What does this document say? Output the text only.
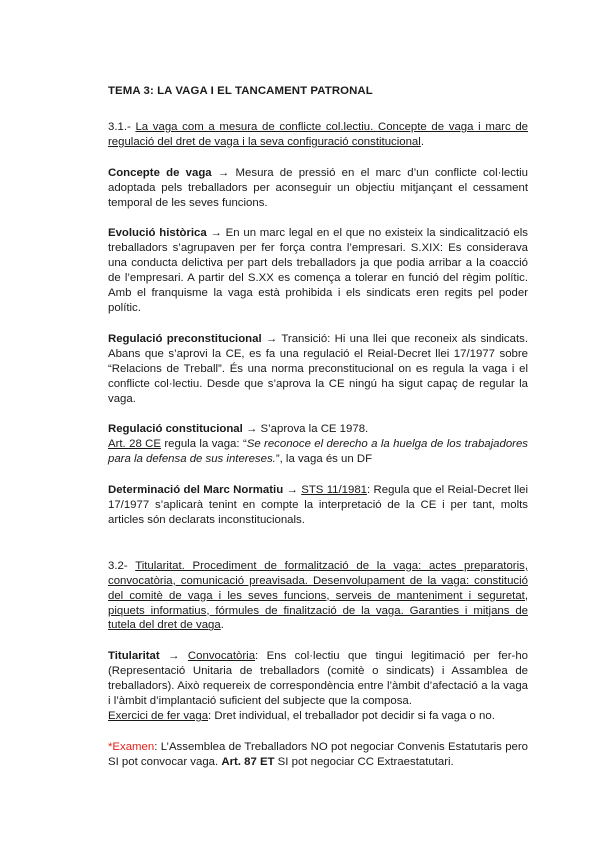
TEMA 3: LA VAGA I EL TANCAMENT PATRONAL

3.1.- La vaga com a mesura de conflicte col.lectiu. Concepte de vaga i marc de regulació del dret de vaga i la seva configuració constitucional.

Concepte de vaga → Mesura de pressió en el marc d’un conflicte col·lectiu adoptada pels treballadors per aconseguir un objectiu mitjançant el cessament temporal de les seves funcions.

Evolució històrica → En un marc legal en el que no existeix la sindicalització els treballadors s’agrupaven per fer força contra l’empresari. S.XIX: Es considerava una conducta delictiva per part dels treballadors ja que podia arribar a la coacció de l’empresari. A partir del S.XX es comença a tolerar en funció del règim polític. Amb el franquisme la vaga està prohibida i els sindicats eren regits pel poder polític.

Regulació preconstitucional → Transició: Hi una llei que reconeix als sindicats. Abans que s’aprovi la CE, es fa una regulació el Reial-Decret llei 17/1977 sobre “Relacions de Treball”. És una norma preconstitucional on es regula la vaga i el conflicte col·lectiu. Desde que s’aprova la CE ningú ha sigut capaç de regular la vaga.

Regulació constitucional → S’aprova la CE 1978.

Art. 28 CE regula la vaga: “Se reconoce el derecho a la huelga de los trabajadores para la defensa de sus intereses.”, la vaga és un DF

Determinació del Marc Normatiu → STS 11/1981: Regula que el Reial-Decret llei 17/1977 s’aplicarà tenint en compte la interpretació de la CE i per tant, molts articles són declarats inconstitucionals.

3.2- Titularitat. Procediment de formalització de la vaga: actes preparatoris, convocatòria, comunicació preavisada. Desenvolupament de la vaga: constitució del comitè de vaga i les seves funcions, serveis de manteniment i seguretat, piquets informatius, fórmules de finalització de la vaga. Garanties i mitjans de tutela del dret de vaga.

Titularitat → Convocatòria: Ens col·lectiu que tingui legitimació per fer-ho (Representació Unitaria de treballadors (comitè o sindicats) i Assamblea de treballadors). Això requereix de correspondència entre l’àmbit d’afectació a la vaga i l’àmbit d’implantació suficient del subjecte que la composa.

Exercici de fer vaga: Dret individual, el treballador pot decidir si fa vaga o no.

*Examen: L’Assemblea de Treballadors NO pot negociar Convenis Estatutaris pero SI pot convocar vaga. Art. 87 ET SI pot negociar CC Extraestatutari.
